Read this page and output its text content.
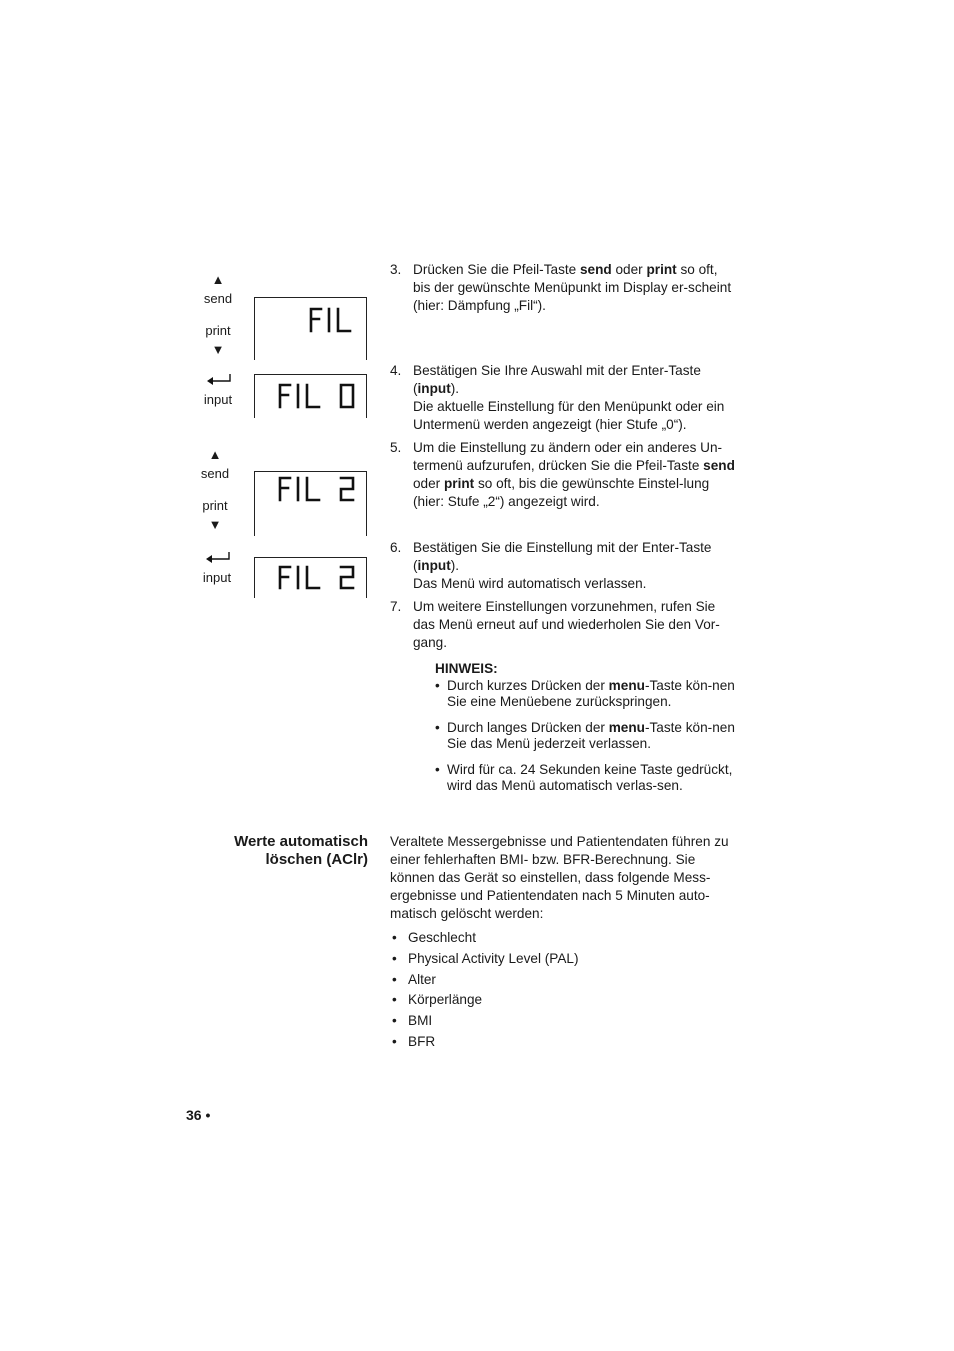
▲
send
print
▼
input
▲
send
print
▼
input
3. Drücken Sie die Pfeil-Taste send oder print so oft, bis der gewünschte Menüpunkt im Display er-scheint (hier: Dämpfung „Fil“).
4. Bestätigen Sie Ihre Auswahl mit der Enter-Taste (input).

Die aktuelle Einstellung für den Menüpunkt oder ein Untermenü werden angezeigt (hier Stufe „0“).

5. Um die Einstellung zu ändern oder ein anderes Un-termenü aufzurufen, drücken Sie die Pfeil-Taste send oder print so oft, bis die gewünschte Einstel-lung (hier: Stufe „2“) angezeigt wird.
6. Bestätigen Sie die Einstellung mit der Enter-Taste (input).

Das Menü wird automatisch verlassen.

7. Um weitere Einstellungen vorzunehmen, rufen Sie das Menü erneut auf und wiederholen Sie den Vor-gang.
HINWEIS:

• Durch kurzes Drücken der menu-Taste kön-nen Sie eine Menüebene zurückspringen.

• Durch langes Drücken der menu-Taste kön-nen Sie das Menü jederzeit verlassen.

• Wird für ca. 24 Sekunden keine Taste gedrückt, wird das Menü automatisch verlas-sen.

Werte automatisch
löschen (AClr)
Veraltete Messergebnisse und Patientendaten führen zu einer fehlerhaften BMI- bzw. BFR-Berechnung. Sie können das Gerät so einstellen, dass folgende Mess-ergebnisse und Patientendaten nach 5 Minuten auto-matisch gelöscht werden:
• Geschlecht
• Physical Activity Level (PAL)
• Alter
• Körperlänge
• BMI
• BFR
36 •
